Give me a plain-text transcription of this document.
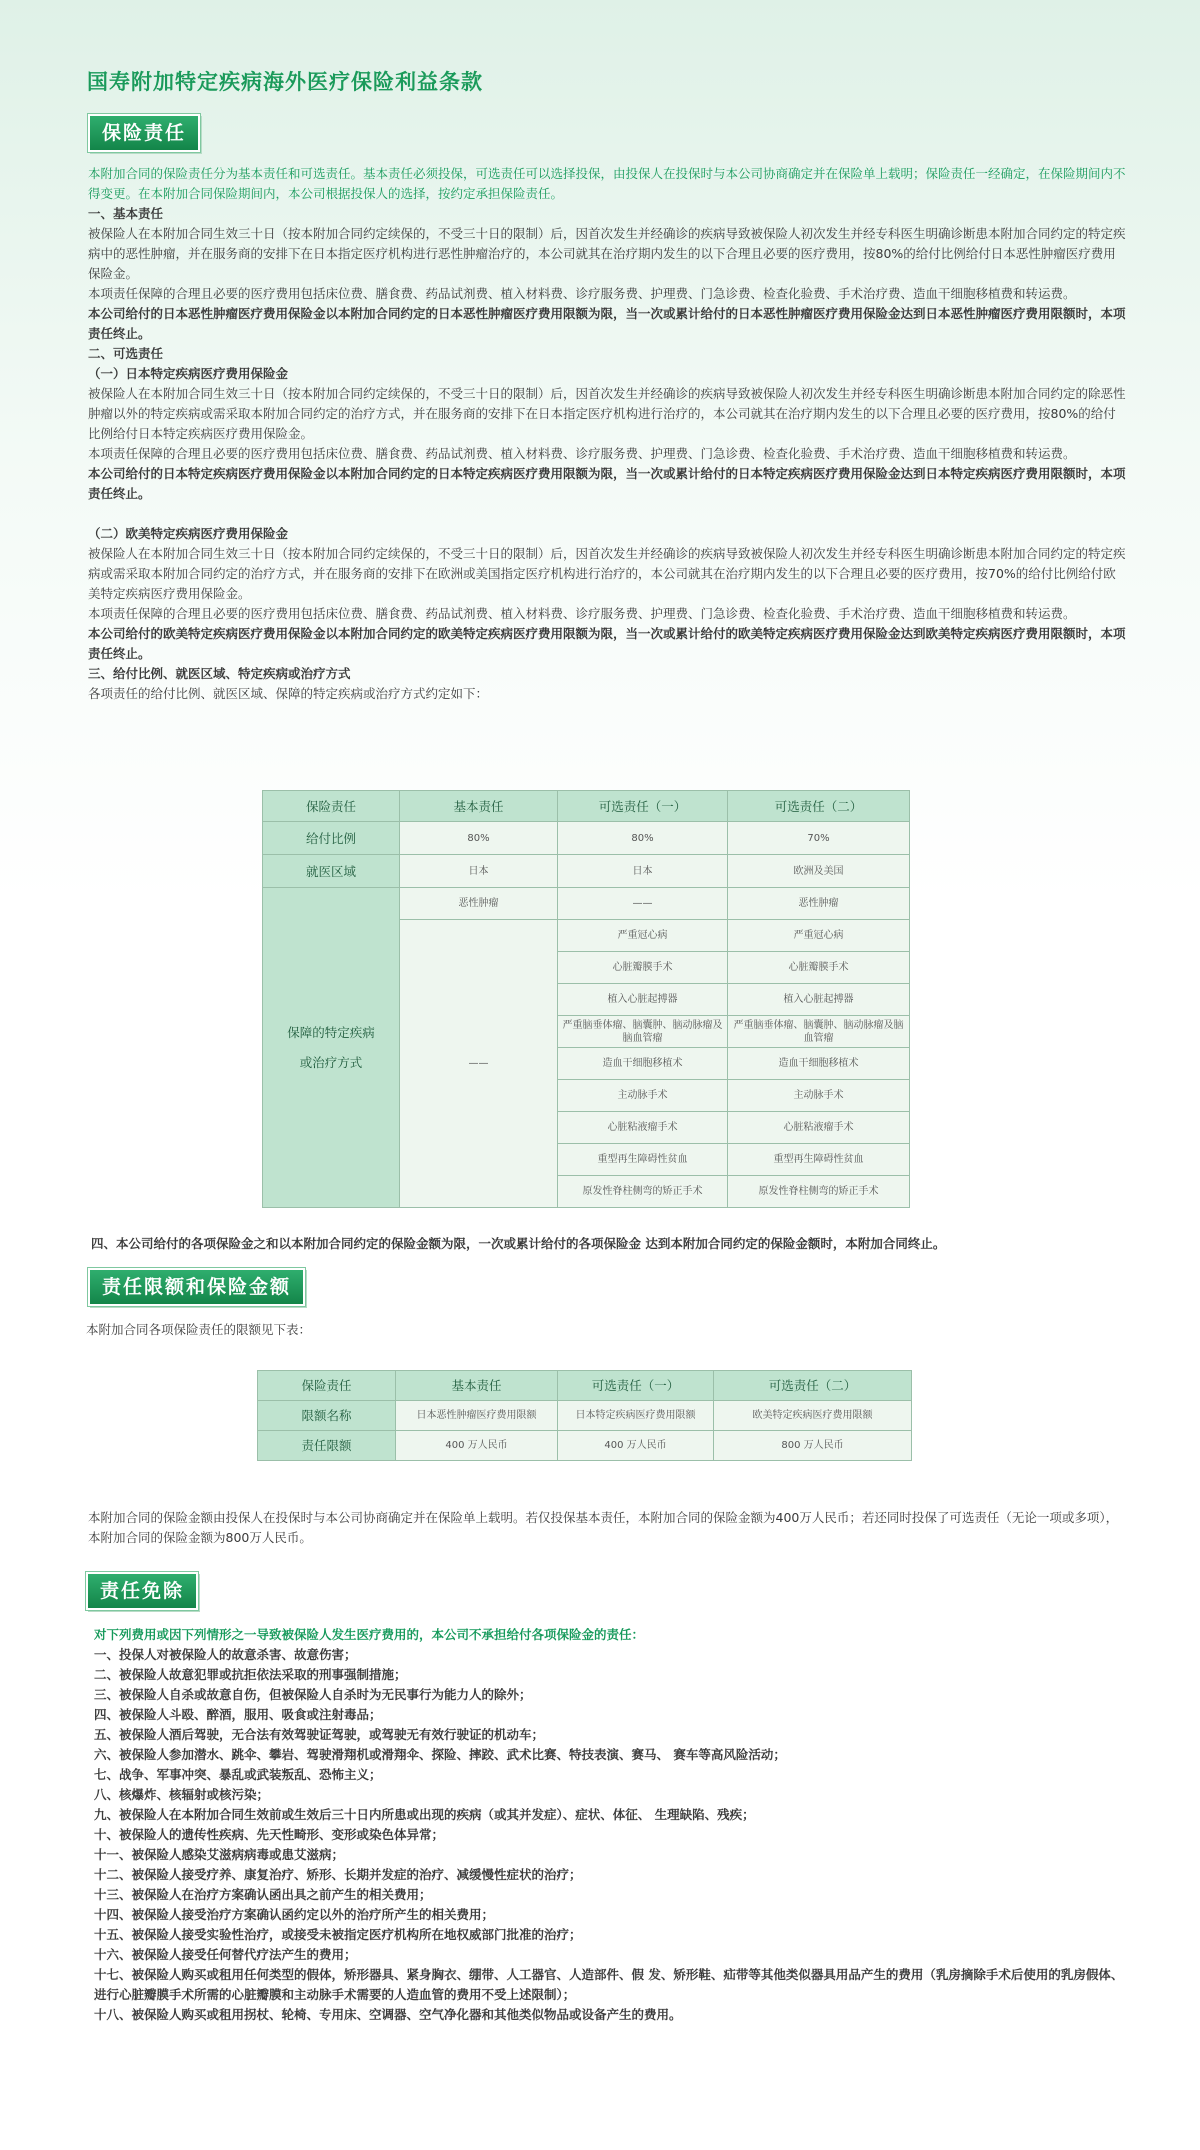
国寿附加特定疾病海外医疗保险利益条款
保险责任

本附加合同的保险责任分为基本责任和可选责任。基本责任必须投保，可选责任可以选择投保，由投保人在投保时与本公司协商确定并在保险单上载明；保险责任一经确定，在保险期间内不得变更。在本附加合同保险期间内，本公司根据投保人的选择，按约定承担保险责任。

一、基本责任

被保险人在本附加合同生效三十日（按本附加合同约定续保的，不受三十日的限制）后，因首次发生并经确诊的疾病导致被保险人初次发生并经专科医生明确诊断患本附加合同约定的特定疾病中的恶性肿瘤，并在服务商的安排下在日本指定医疗机构进行恶性肿瘤治疗的，本公司就其在治疗期内发生的以下合理且必要的医疗费用，按80%的给付比例给付日本恶性肿瘤医疗费用保险金。

本项责任保障的合理且必要的医疗费用包括床位费、膳食费、药品试剂费、植入材料费、诊疗服务费、护理费、门急诊费、检查化验费、手术治疗费、造血干细胞移植费和转运费。

本公司给付的日本恶性肿瘤医疗费用保险金以本附加合同约定的日本恶性肿瘤医疗费用限额为限，当一次或累计给付的日本恶性肿瘤医疗费用保险金达到日本恶性肿瘤医疗费用限额时，本项责任终止。

二、可选责任

（一）日本特定疾病医疗费用保险金

被保险人在本附加合同生效三十日（按本附加合同约定续保的，不受三十日的限制）后，因首次发生并经确诊的疾病导致被保险人初次发生并经专科医生明确诊断患本附加合同约定的除恶性肿瘤以外的特定疾病或需采取本附加合同约定的治疗方式，并在服务商的安排下在日本指定医疗机构进行治疗的，本公司就其在治疗期内发生的以下合理且必要的医疗费用，按80%的给付比例给付日本特定疾病医疗费用保险金。

本项责任保障的合理且必要的医疗费用包括床位费、膳食费、药品试剂费、植入材料费、诊疗服务费、护理费、门急诊费、检查化验费、手术治疗费、造血干细胞移植费和转运费。

本公司给付的日本特定疾病医疗费用保险金以本附加合同约定的日本特定疾病医疗费用限额为限，当一次或累计给付的日本特定疾病医疗费用保险金达到日本特定疾病医疗费用限额时，本项责任终止。

（二）欧美特定疾病医疗费用保险金

被保险人在本附加合同生效三十日（按本附加合同约定续保的，不受三十日的限制）后，因首次发生并经确诊的疾病导致被保险人初次发生并经专科医生明确诊断患本附加合同约定的特定疾病或需采取本附加合同约定的治疗方式，并在服务商的安排下在欧洲或美国指定医疗机构进行治疗的，本公司就其在治疗期内发生的以下合理且必要的医疗费用，按70%的给付比例给付欧美特定疾病医疗费用保险金。

本项责任保障的合理且必要的医疗费用包括床位费、膳食费、药品试剂费、植入材料费、诊疗服务费、护理费、门急诊费、检查化验费、手术治疗费、造血干细胞移植费和转运费。

本公司给付的欧美特定疾病医疗费用保险金以本附加合同约定的欧美特定疾病医疗费用限额为限，当一次或累计给付的欧美特定疾病医疗费用保险金达到欧美特定疾病医疗费用限额时，本项责任终止。

三、给付比例、就医区域、特定疾病或治疗方式

各项责任的给付比例、就医区域、保障的特定疾病或治疗方式约定如下：

保险责任	基本责任	可选责任（一）	可选责任（二）
给付比例	80%	80%	70%
就医区域	日本	日本	欧洲及美国

保障的特定疾病
或治疗方式	恶性肿瘤	——	恶性肿瘤
	——	严重冠心病	严重冠心病
		心脏瓣膜手术	心脏瓣膜手术
		植入心脏起搏器	植入心脏起搏器
		严重脑垂体瘤、脑囊肿、脑动脉瘤及脑血管瘤	严重脑垂体瘤、脑囊肿、脑动脉瘤及脑血管瘤
		造血干细胞移植术	造血干细胞移植术
		主动脉手术	主动脉手术
		心脏粘液瘤手术	心脏粘液瘤手术
		重型再生障碍性贫血	重型再生障碍性贫血
		原发性脊柱侧弯的矫正手术	原发性脊柱侧弯的矫正手术
四、本公司给付的各项保险金之和以本附加合同约定的保险金额为限，一次或累计给付的各项保险金 达到本附加合同约定的保险金额时，本附加合同终止。
责任限额和保险金额
本附加合同各项保险责任的限额见下表：
保险责任	基本责任	可选责任（一）	可选责任（二）
限额名称	日本恶性肿瘤医疗费用限额	日本特定疾病医疗费用限额	欧美特定疾病医疗费用限额
责任限额	400 万人民币	400 万人民币	800 万人民币
本附加合同的保险金额由投保人在投保时与本公司协商确定并在保险单上载明。若仅投保基本责任，本附加合同的保险金额为400万人民币；若还同时投保了可选责任（无论一项或多项），本附加合同的保险金额为800万人民币。
责任免除

对下列费用或因下列情形之一导致被保险人发生医疗费用的，本公司不承担给付各项保险金的责任：

一、投保人对被保险人的故意杀害、故意伤害；

二、被保险人故意犯罪或抗拒依法采取的刑事强制措施；

三、被保险人自杀或故意自伤，但被保险人自杀时为无民事行为能力人的除外；

四、被保险人斗殴、醉酒，服用、吸食或注射毒品；

五、被保险人酒后驾驶，无合法有效驾驶证驾驶，或驾驶无有效行驶证的机动车；

六、被保险人参加潜水、跳伞、攀岩、驾驶滑翔机或滑翔伞、探险、摔跤、武术比赛、特技表演、赛马、 赛车等高风险活动；

七、战争、军事冲突、暴乱或武装叛乱、恐怖主义；

八、核爆炸、核辐射或核污染；

九、被保险人在本附加合同生效前或生效后三十日内所患或出现的疾病（或其并发症）、症状、体征、 生理缺陷、残疾；

十、被保险人的遗传性疾病、先天性畸形、变形或染色体异常；

十一、被保险人感染艾滋病病毒或患艾滋病；

十二、被保险人接受疗养、康复治疗、矫形、长期并发症的治疗、减缓慢性症状的治疗；

十三、被保险人在治疗方案确认函出具之前产生的相关费用；

十四、被保险人接受治疗方案确认函约定以外的治疗所产生的相关费用；

十五、被保险人接受实验性治疗，或接受未被指定医疗机构所在地权威部门批准的治疗；

十六、被保险人接受任何替代疗法产生的费用；

十七、被保险人购买或租用任何类型的假体，矫形器具、紧身胸衣、绷带、人工器官、人造部件、假 发、矫形鞋、疝带等其他类似器具用品产生的费用（乳房摘除手术后使用的乳房假体、进行心脏瓣膜手术所需的心脏瓣膜和主动脉手术需要的人造血管的费用不受上述限制）；

十八、被保险人购买或租用拐杖、轮椅、专用床、空调器、空气净化器和其他类似物品或设备产生的费用。
